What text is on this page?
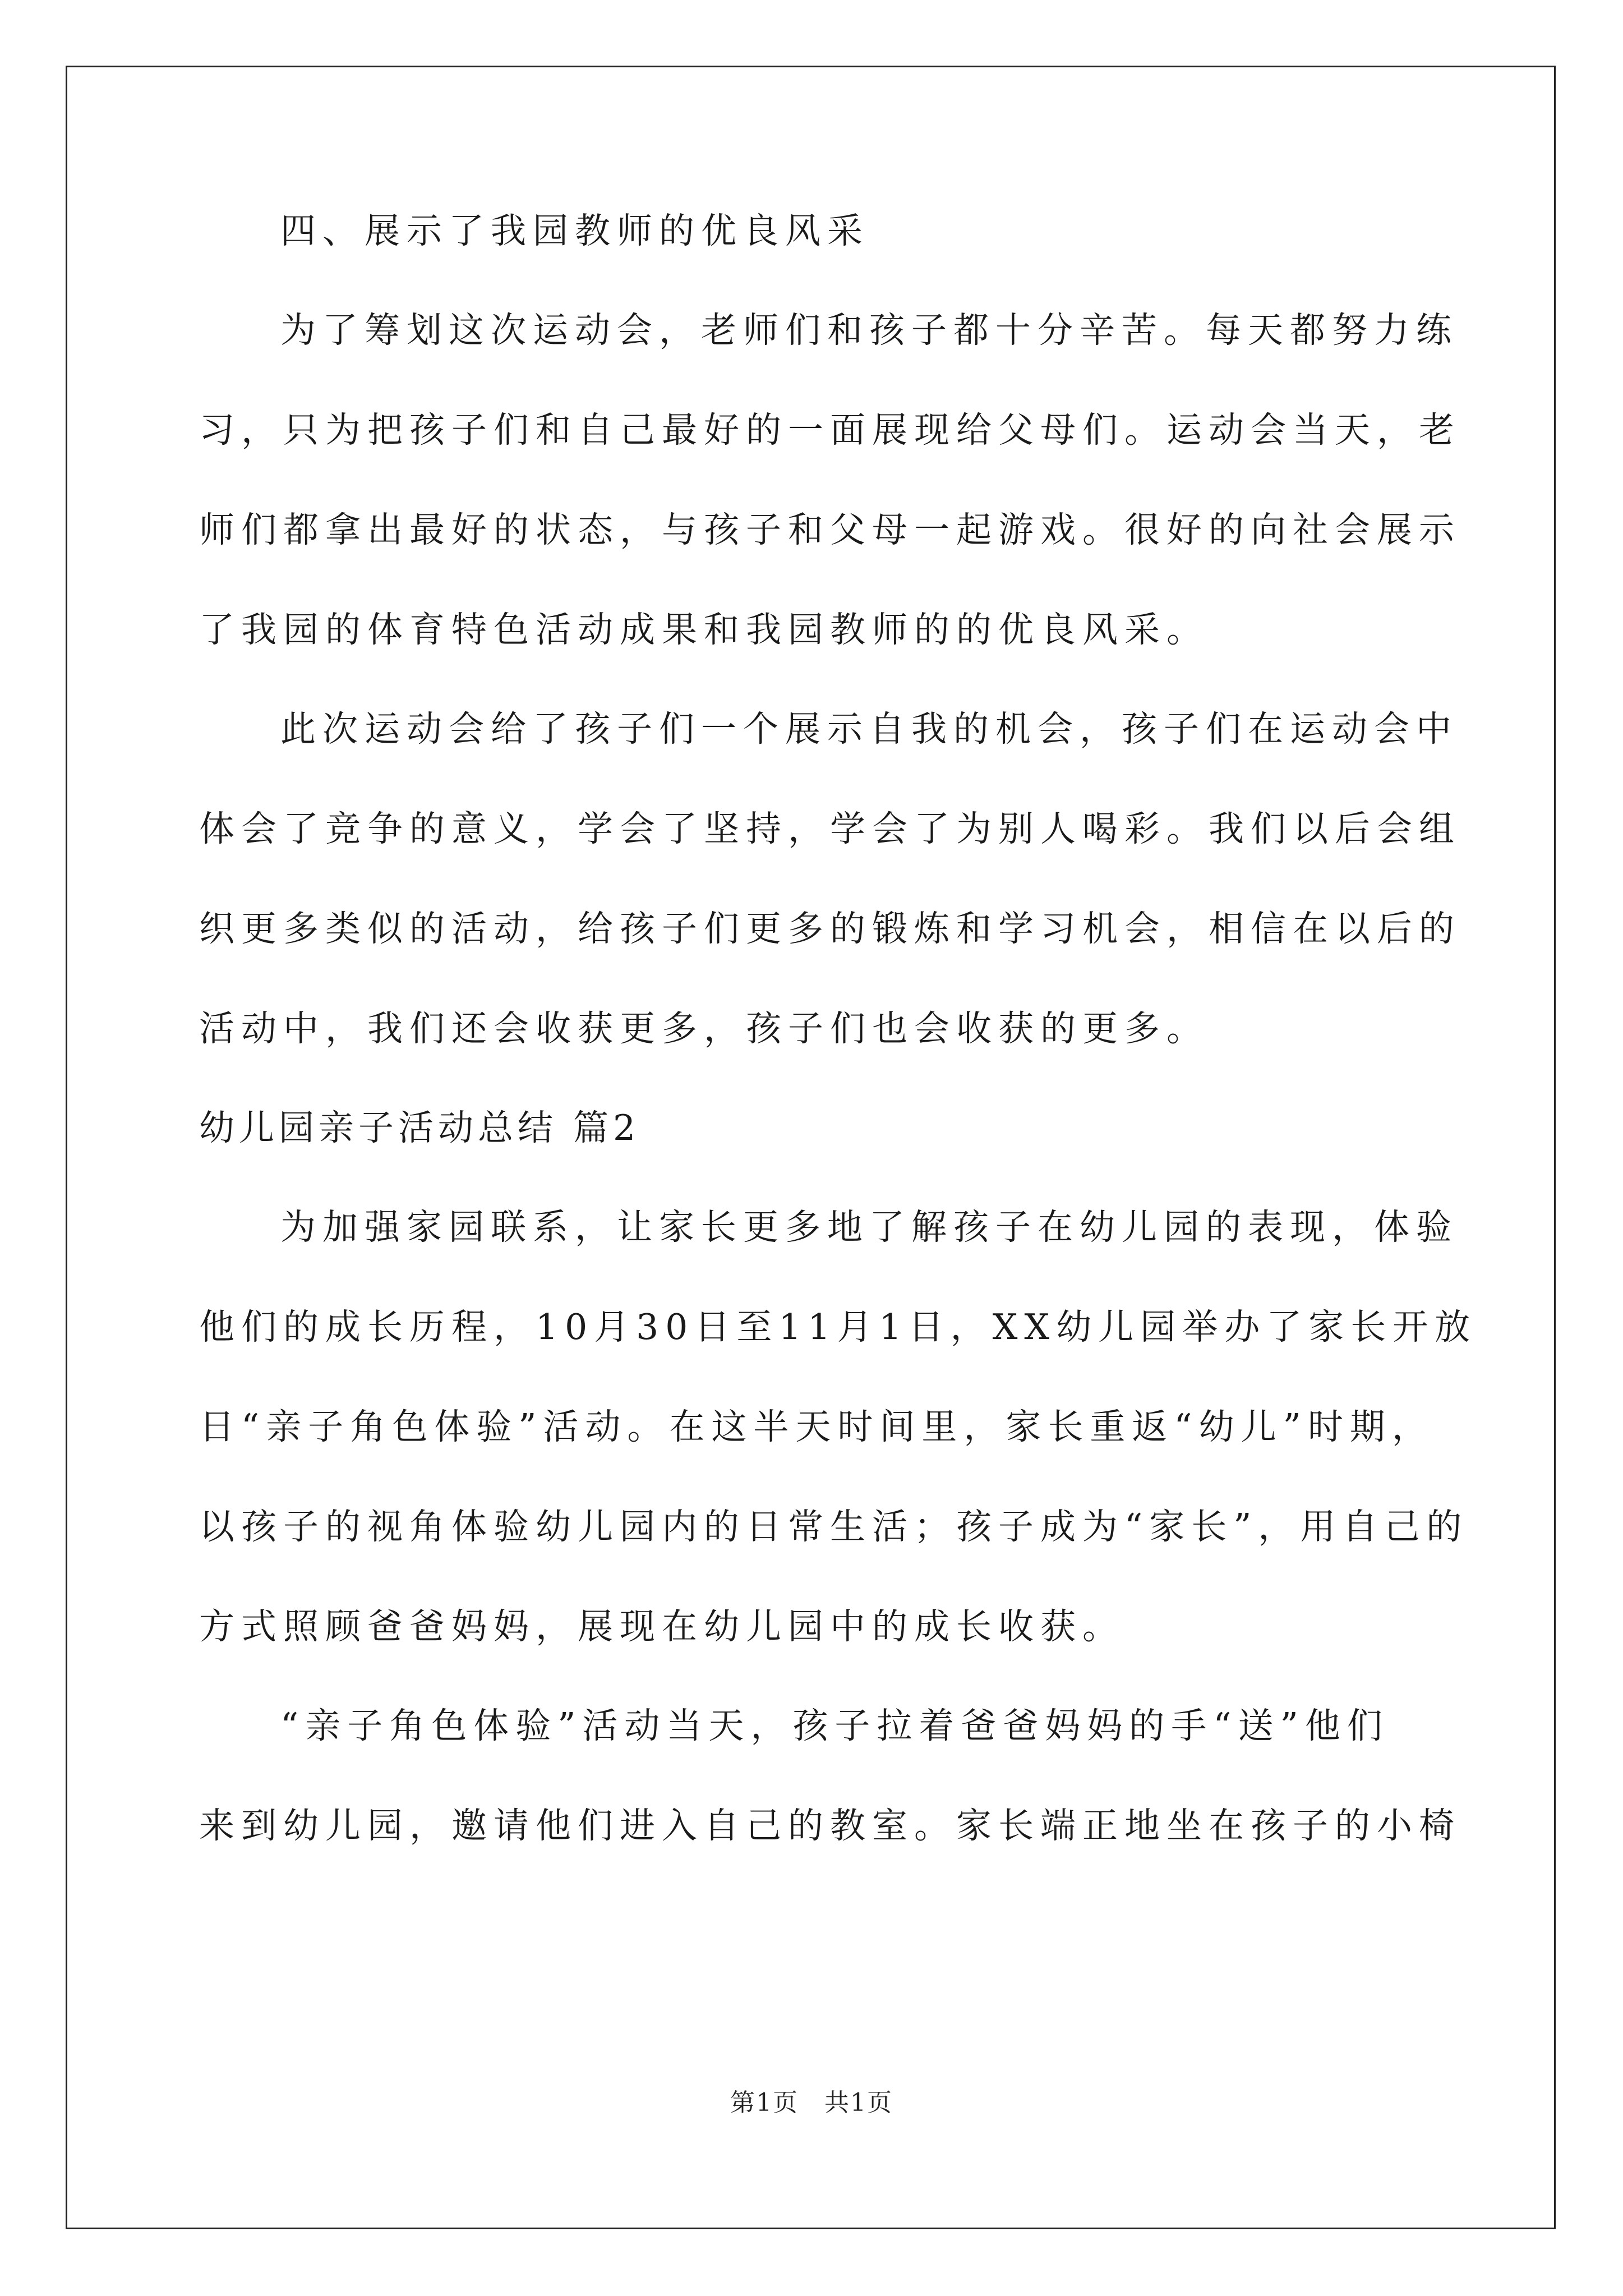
四、展示了我园教师的优良风采

为了筹划这次运动会，老师们和孩子都十分辛苦。每天都努力练

习，只为把孩子们和自己最好的一面展现给父母们。运动会当天，老

师们都拿出最好的状态，与孩子和父母一起游戏。很好的向社会展示

了我园的体育特色活动成果和我园教师的的优良风采。

此次运动会给了孩子们一个展示自我的机会，孩子们在运动会中

体会了竞争的意义，学会了坚持，学会了为别人喝彩。我们以后会组

织更多类似的活动，给孩子们更多的锻炼和学习机会，相信在以后的

活动中，我们还会收获更多，孩子们也会收获的更多。

幼儿园亲子活动总结 篇2

为加强家园联系，让家长更多地了解孩子在幼儿园的表现，体验

他们的成长历程，10月30日至11月1日，XX幼儿园举办了家长开放

日“亲子角色体验”活动。在这半天时间里，家长重返“幼儿”时期，

以孩子的视角体验幼儿园内的日常生活；孩子成为“家长”，用自己的

方式照顾爸爸妈妈，展现在幼儿园中的成长收获。

“亲子角色体验”活动当天，孩子拉着爸爸妈妈的手“送”他们

来到幼儿园，邀请他们进入自己的教室。家长端正地坐在孩子的小椅

第1页　共1页
